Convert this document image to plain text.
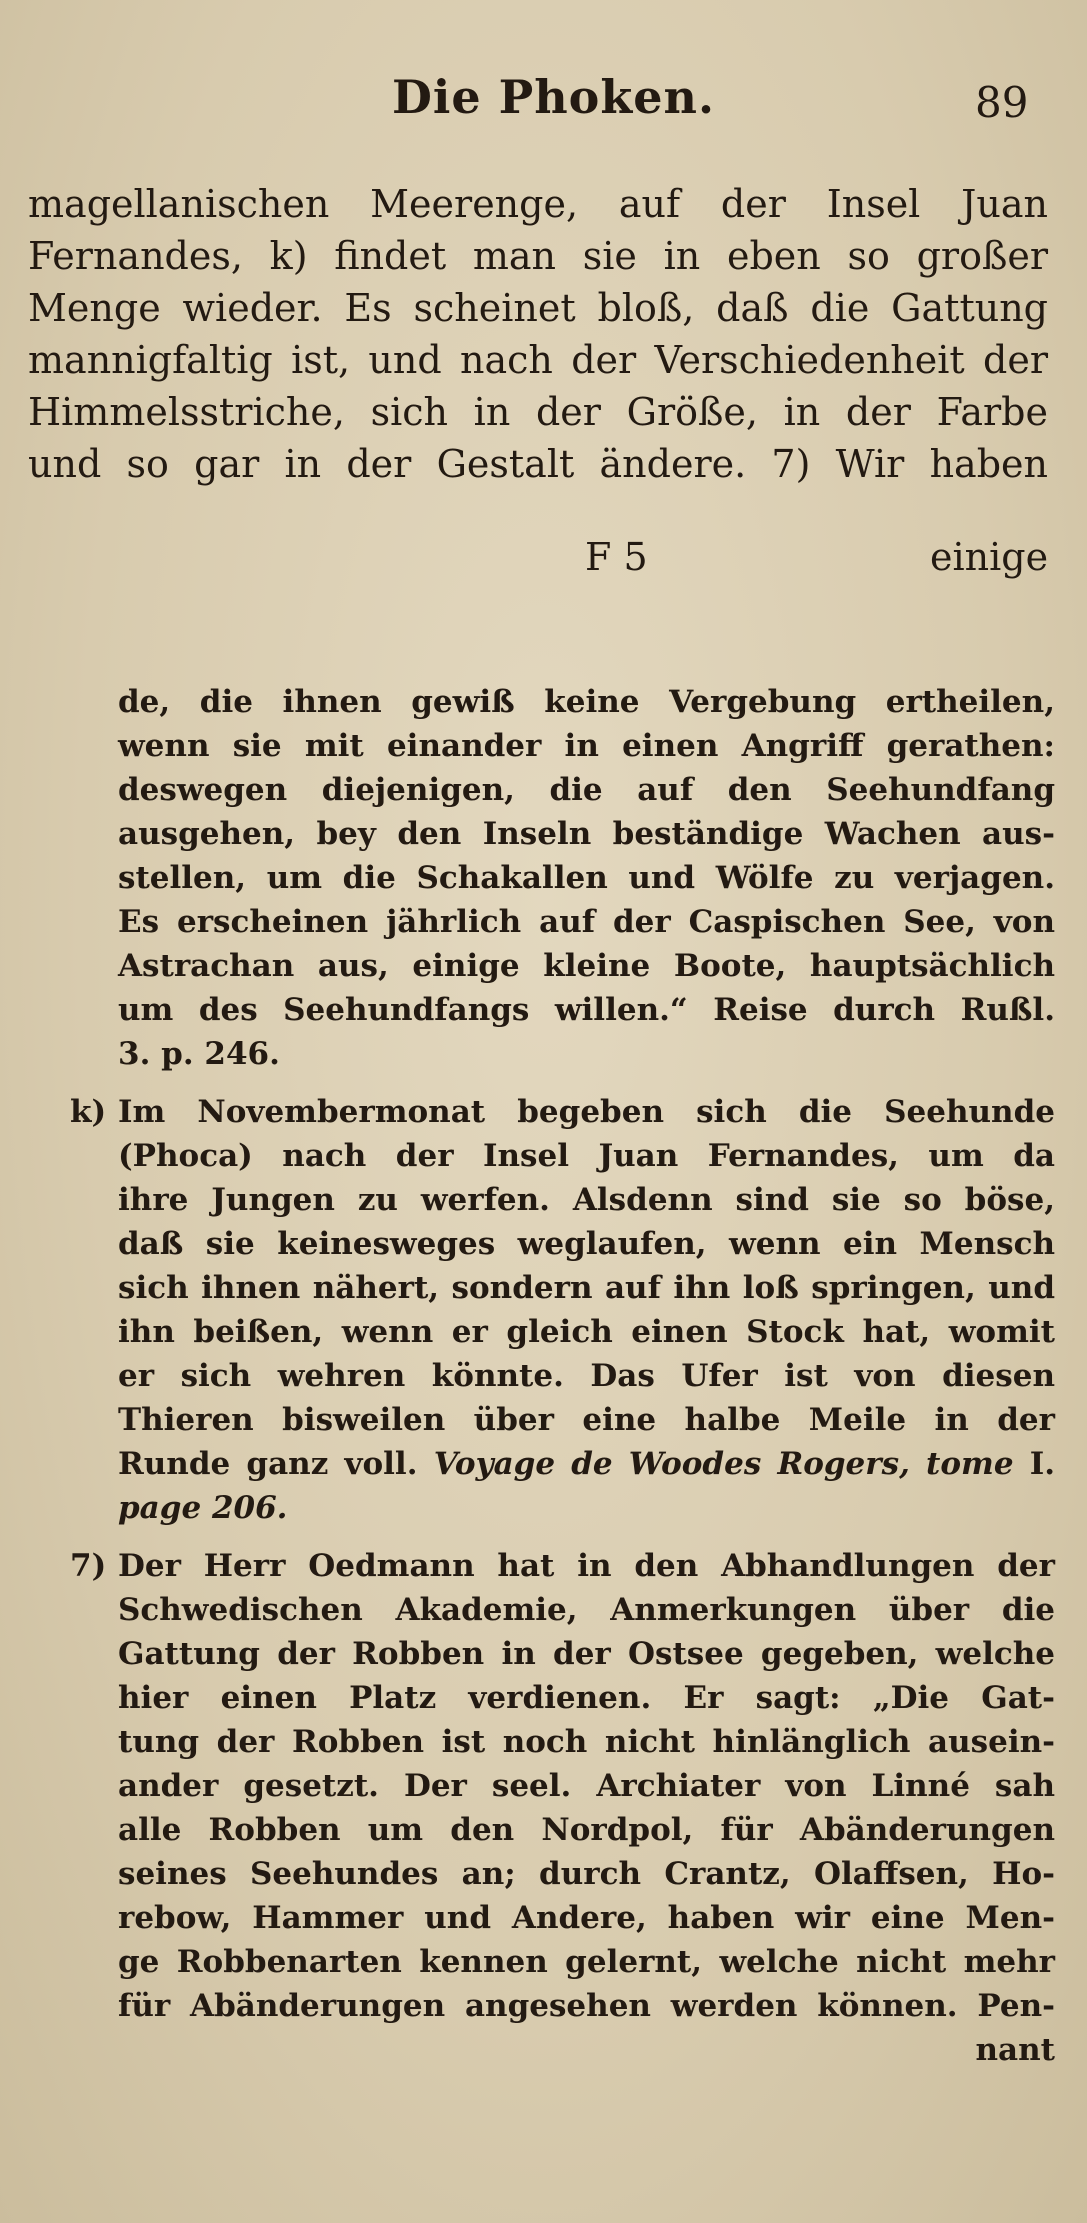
Die Phoken.	89
magellanischen Meerenge, auf der Insel Juan
Fernandes, k) findet man sie in eben so großer
Menge wieder. Es scheinet bloß, daß die Gattung
mannigfaltig ist, und nach der Verschiedenheit der
Himmelsstriche, sich in der Größe, in der Farbe
und so gar in der Gestalt ändere. 7) Wir haben
F 5	einige
de, die ihnen gewiß keine Vergebung ertheilen,
wenn sie mit einander in einen Angriff gerathen:
deswegen diejenigen, die auf den Seehundfang
ausgehen, bey den Inseln beständige Wachen aus-
stellen, um die Schakallen und Wölfe zu verjagen.
Es erscheinen jährlich auf der Caspischen See, von
Astrachan aus, einige kleine Boote, hauptsächlich
um des Seehundfangs willen.“ Reise durch Rußl.
3. p. 246.
k) Im Novembermonat begeben sich die Seehunde
(Phoca) nach der Insel Juan Fernandes, um da
ihre Jungen zu werfen. Alsdenn sind sie so böse,
daß sie keinesweges weglaufen, wenn ein Mensch
sich ihnen nähert, sondern auf ihn loß springen, und
ihn beißen, wenn er gleich einen Stock hat, womit
er sich wehren könnte. Das Ufer ist von diesen
Thieren bisweilen über eine halbe Meile in der
Runde ganz voll. Voyage de Woodes Rogers, tome I.
page 206.
7) Der Herr Oedmann hat in den Abhandlungen der
Schwedischen Akademie, Anmerkungen über die
Gattung der Robben in der Ostsee gegeben, welche
hier einen Platz verdienen. Er sagt: „Die Gat-
tung der Robben ist noch nicht hinlänglich ausein-
ander gesetzt. Der seel. Archiater von Linné sah
alle Robben um den Nordpol, für Abänderungen
seines Seehundes an; durch Crantz, Olaffsen, Ho-
rebow, Hammer und Andere, haben wir eine Men-
ge Robbenarten kennen gelernt, welche nicht mehr
für Abänderungen angesehen werden können. Pen-
nant
